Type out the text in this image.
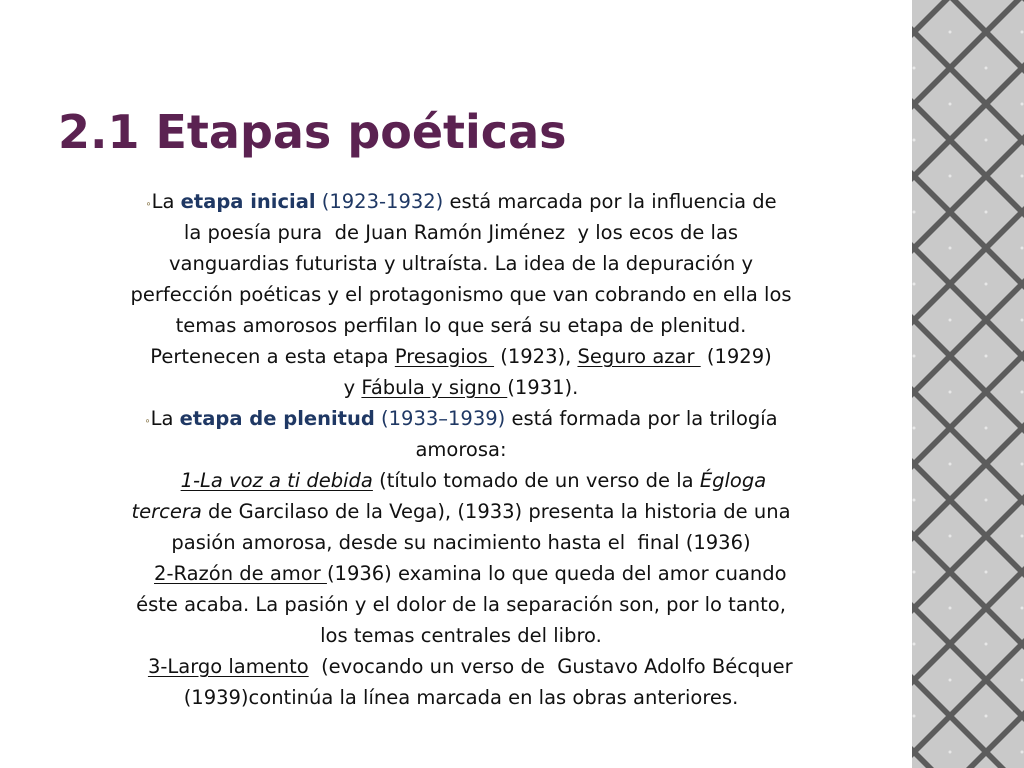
2.1 Etapas poéticas
∘La etapa inicial (1923-1932) está marcada por la influencia de
la poesía pura  de Juan Ramón Jiménez  y los ecos de las
vanguardias futurista y ultraísta. La idea de la depuración y
perfección poéticas y el protagonismo que van cobrando en ella los
temas amorosos perfilan lo que será su etapa de plenitud.
Pertenecen a esta etapa Presagios  (1923), Seguro azar  (1929)
y Fábula y signo (1931).
∘La etapa de plenitud (1933–1939) está formada por la trilogía
amorosa:
1-La voz a ti debida (título tomado de un verso de la Égloga
tercera de Garcilaso de la Vega), (1933) presenta la historia de una
pasión amorosa, desde su nacimiento hasta el  final (1936)
2-Razón de amor (1936) examina lo que queda del amor cuando
éste acaba. La pasión y el dolor de la separación son, por lo tanto,
los temas centrales del libro.
3-Largo lamento  (evocando un verso de  Gustavo Adolfo Bécquer
(1939)continúa la línea marcada en las obras anteriores.
